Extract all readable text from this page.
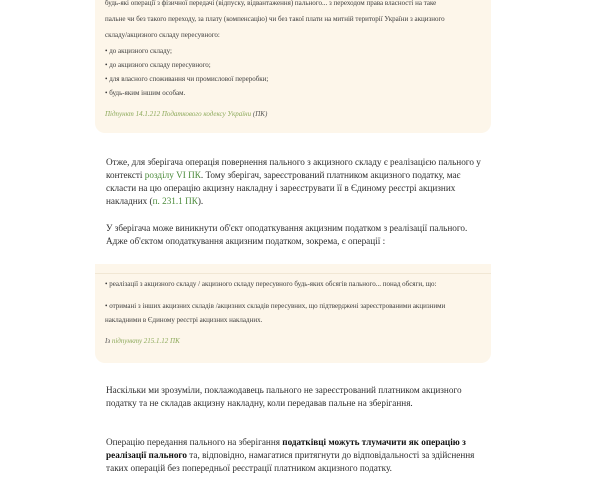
будь-які операції з фізичної передачі (відпуску, відвантаження) пального... з переходом права власності на таке
пальне чи без такого переходу, за плату (компенсацію) чи без такої плати на митній території України з акцизного
складу/акцизного складу пересувного:
• до акцизного складу;
• до акцизного складу пересувного;
• для власного споживання чи промислової переробки;
• будь-яким іншим особам.
Підпункт 14.1.212 Податкового кодексу України (ПК)
Отже, для зберігача операція повернення пального з акцизного складу є реалізацією пального у контексті розділу VI ПК. Тому зберігач, зареєстрований платником акцизного податку, має скласти на цю операцію акцизну накладну і зареєструвати її в Єдиному реєстрі акцизних накладних (п. 231.1 ПК).
У зберігача може виникнути об'єкт оподаткування акцизним податком з реалізації пального. Адже об'єктом оподаткування акцизним податком, зокрема, є операції :
• реалізації з акцизного складу / акцизного складу пересувного будь-яких обсягів пального... понад обсяги, що:
• отримані з інших акцизних складів /акцизних складів пересувних, що підтверджені зареєстрованими акцизними
накладними в Єдиному реєстрі акцизних накладних.
Із підпункту 215.1.12 ПК
Наскільки ми зрозуміли, поклажодавець пального не зареєстрований платником акцизного податку та не складав акцизну накладну, коли передавав пальне на зберігання.
Операцію передання пального на зберігання податківці можуть тлумачити як операцію з реалізації пального та, відповідно, намагатися притягнути до відповідальності за здійснення таких операцій без попередньої реєстрації платником акцизного податку.
